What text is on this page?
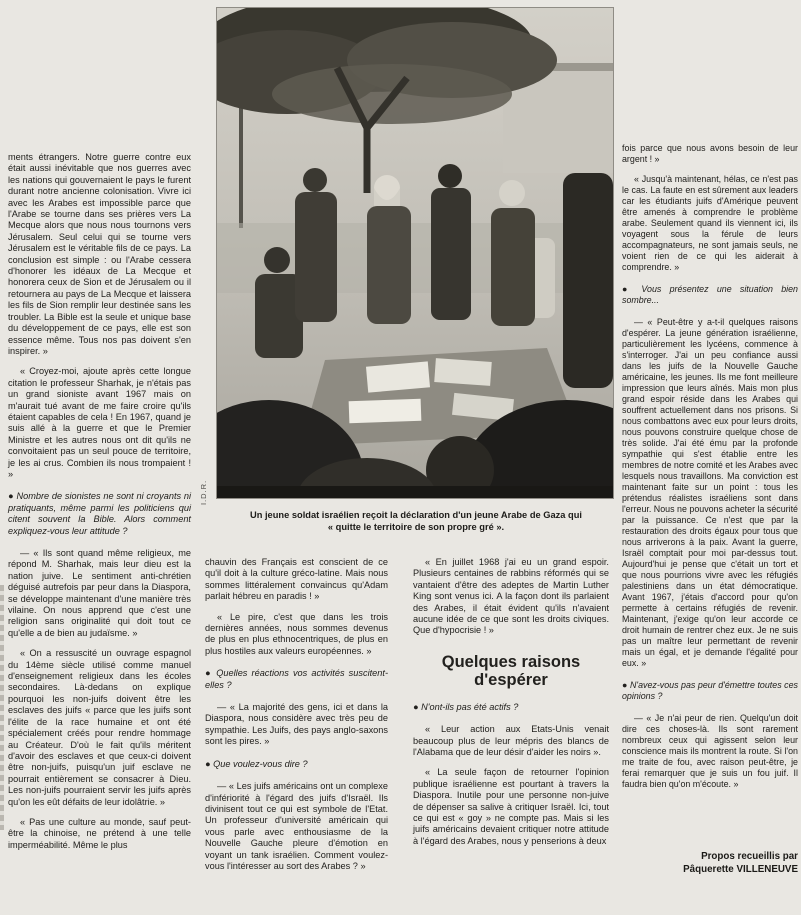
I.D.R.
Un jeune soldat israélien reçoit la déclaration d'un jeune Arabe de Gaza qui
« quitte le territoire de son propre gré ».

ments étrangers. Notre guerre contre eux était aussi inévitable que nos guerres avec les nations qui gouvernaient le pays le furent durant notre ancienne colonisation. Vivre ici avec les Arabes est impossible parce que l'Arabe se tourne dans ses prières vers La Mecque alors que nous nous tournons vers Jérusalem. Seul celui qui se tourne vers Jérusalem est le véritable fils de ce pays. La conclusion est simple : ou l'Arabe cessera d'honorer les idéaux de La Mecque et honorera ceux de Sion et de Jérusalem ou il retournera au pays de La Mecque et laissera les fils de Sion remplir leur destinée sans les troubler. La Bible est la seule et unique base du développement de ce pays, elle est son essence même. Tous nos pas doivent s'en inspirer. »

« Croyez-moi, ajoute après cette longue citation le professeur Sharhak, je n'étais pas un grand sioniste avant 1967 mais on m'aurait tué avant de me faire croire qu'ils étaient capables de cela ! En 1967, quand je suis allé à la guerre et que le Premier Ministre et les autres nous ont dit qu'ils ne convoitaient pas un seul pouce de territoire, je les ai crus. Combien ils nous trompaient ! »

● Nombre de sionistes ne sont ni croyants ni pratiquants, même parmi les politiciens qui citent souvent la Bible. Alors comment expliquez-vous leur attitude ?

— « Ils sont quand même religieux, me répond M. Sharhak, mais leur dieu est la nation juive. Le sentiment anti-chrétien déguisé autrefois par peur dans la Diaspora, se développe maintenant d'une manière très vilaine. On nous apprend que c'est une religion sans originalité qui doit tout ce qu'elle a de bien au judaïsme. »

« On a ressuscité un ouvrage espagnol du 14ème siècle utilisé comme manuel d'enseignement religieux dans les écoles secondaires. Là-dedans on explique pourquoi les non-juifs doivent être les esclaves des juifs « parce que les juifs sont l'élite de la race humaine et ont été spécialement créés pour rendre hommage au Créateur. D'où le fait qu'ils méritent d'avoir des esclaves et que ceux-ci doivent être non-juifs, puisqu'un juif esclave ne pourrait entièrement se consacrer à Dieu. Les non-juifs pourraient servir les juifs après qu'on les eût défaits de leur idolâtrie. »

« Pas une culture au monde, sauf peut-être la chinoise, ne prétend à une telle imperméabilité. Même le plus

chauvin des Français est conscient de ce qu'il doit à la culture gréco-latine. Mais nous sommes littéralement convaincus qu'Adam parlait hébreu en paradis ! »

« Le pire, c'est que dans les trois dernières années, nous sommes devenus de plus en plus ethnocentriques, de plus en plus hostiles aux valeurs européennes. »

● Quelles réactions vos activités suscitent-elles ?

— « La majorité des gens, ici et dans la Diaspora, nous considère avec très peu de sympathie. Les Juifs, des pays anglo-saxons sont les pires. »

● Que voulez-vous dire ?

— « Les juifs américains ont un complexe d'infériorité à l'égard des juifs d'Israël. Ils divinisent tout ce qui est symbole de l'Etat. Un professeur d'université américain qui vous parle avec enthousiasme de la Nouvelle Gauche pleure d'émotion en voyant un tank israélien. Comment voulez-vous l'intéresser au sort des Arabes ? »

« En juillet 1968 j'ai eu un grand espoir. Plusieurs centaines de rabbins réformés qui se vantaient d'être des adeptes de Martin Luther King sont venus ici. A la façon dont ils parlaient des Arabes, il était évident qu'ils n'avaient aucune idée de ce que sont les droits civiques. Que d'hypocrisie ! »

Quelques raisons d'espérer

● N'ont-ils pas été actifs ?

« Leur action aux Etats-Unis venait beaucoup plus de leur mépris des blancs de l'Alabama que de leur désir d'aider les noirs ».

« La seule façon de retourner l'opinion publique israélienne est pourtant à travers la Diaspora. Inutile pour une personne non-juive de dépenser sa salive à critiquer Israël. Ici, tout ce qui est « goy » ne compte pas. Mais si les juifs américains devaient critiquer notre attitude à l'égard des Arabes, nous y penserions à deux

fois parce que nous avons besoin de leur argent ! »

« Jusqu'à maintenant, hélas, ce n'est pas le cas. La faute en est sûrement aux leaders car les étudiants juifs d'Amérique peuvent être amenés à comprendre le problème arabe. Seulement quand ils viennent ici, ils voyagent sous la férule de leurs accompagnateurs, ne sont jamais seuls, ne voient rien de ce qui les aiderait à comprendre. »

● Vous présentez une situation bien sombre...

— « Peut-être y a-t-il quelques raisons d'espérer. La jeune génération israélienne, particulièrement les lycéens, commence à s'interroger. J'ai un peu confiance aussi dans les juifs de la Nouvelle Gauche américaine, les jeunes. Ils me font meilleure impression que leurs aînés. Mais mon plus grand espoir réside dans les Arabes qui souffrent actuellement dans nos prisons. Si nous combattons avec eux pour leurs droits, nous pouvons construire quelque chose de très solide. J'ai été ému par la profonde sympathie qui s'est établie entre les membres de notre comité et les Arabes avec lesquels nous travaillons. Ma conviction est maintenant faite sur un point : tous les prétendus réalistes israéliens sont dans l'erreur. Nous ne pouvons acheter la sécurité par la puissance. Ce n'est que par la restauration des droits égaux pour tous que nous arriverons à la paix. Avant la guerre, Israël comptait pour moi par-dessus tout. Aujourd'hui je pense que c'était un tort et que nous pourrions vivre avec les réfugiés palestiniens dans un état démocratique. Avant 1967, j'étais d'accord pour qu'on permette à certains réfugiés de revenir. Maintenant, j'exige qu'on leur accorde ce droit humain de rentrer chez eux. Je ne suis pas un maître leur permettant de revenir mais un égal, et je demande l'égalité pour eux. »

● N'avez-vous pas peur d'émettre toutes ces opinions ?

— « Je n'ai peur de rien. Quelqu'un doit dire ces choses-là. Ils sont rarement nombreux ceux qui agissent selon leur conscience mais ils montrent la route. Si l'on me traite de fou, avec raison peut-être, je ferai remarquer que je suis un fou juif. Il faudra bien qu'on m'écoute. »

Propos recueillis par
Pâquerette VILLENEUVE
